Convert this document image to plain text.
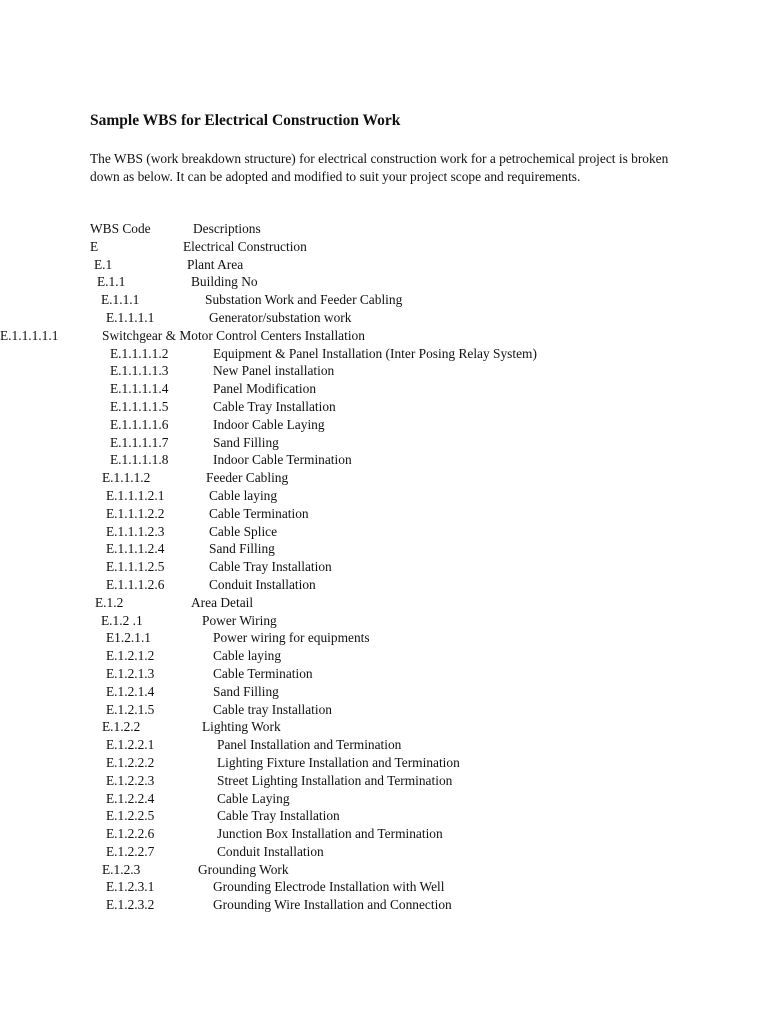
Sample WBS for Electrical Construction Work
The WBS (work breakdown structure) for electrical construction work for a petrochemical project is broken down as below. It can be adopted and modified to suit your project scope and requirements.
WBS Code	Descriptions
E	Electrical Construction
E.1	Plant Area
E.1.1	Building No
E.1.1.1	Substation Work and Feeder Cabling
E.1.1.1.1	Generator/substation work
E.1.1.1.1.1	Switchgear & Motor Control Centers Installation
E.1.1.1.1.2	Equipment & Panel Installation (Inter Posing Relay System)
E.1.1.1.1.3	New Panel installation
E.1.1.1.1.4	Panel Modification
E.1.1.1.1.5	Cable Tray Installation
E.1.1.1.1.6	Indoor Cable Laying
E.1.1.1.1.7	Sand Filling
E.1.1.1.1.8	Indoor Cable Termination
E.1.1.1.2	Feeder Cabling
E.1.1.1.2.1	Cable laying
E.1.1.1.2.2	Cable Termination
E.1.1.1.2.3	Cable Splice
E.1.1.1.2.4	Sand Filling
E.1.1.1.2.5	Cable Tray Installation
E.1.1.1.2.6	Conduit Installation
E.1.2	Area Detail
E.1.2 .1	Power Wiring
E1.2.1.1	Power wiring for equipments
E.1.2.1.2	Cable laying
E.1.2.1.3	Cable Termination
E.1.2.1.4	Sand Filling
E.1.2.1.5	Cable tray Installation
E.1.2.2	Lighting Work
E.1.2.2.1	Panel Installation and Termination
E.1.2.2.2	Lighting Fixture Installation and Termination
E.1.2.2.3	Street Lighting Installation and Termination
E.1.2.2.4	Cable Laying
E.1.2.2.5	Cable Tray Installation
E.1.2.2.6	Junction Box Installation and Termination
E.1.2.2.7	Conduit Installation
E.1.2.3	Grounding Work
E.1.2.3.1	Grounding Electrode Installation with Well
E.1.2.3.2	Grounding Wire Installation and Connection
